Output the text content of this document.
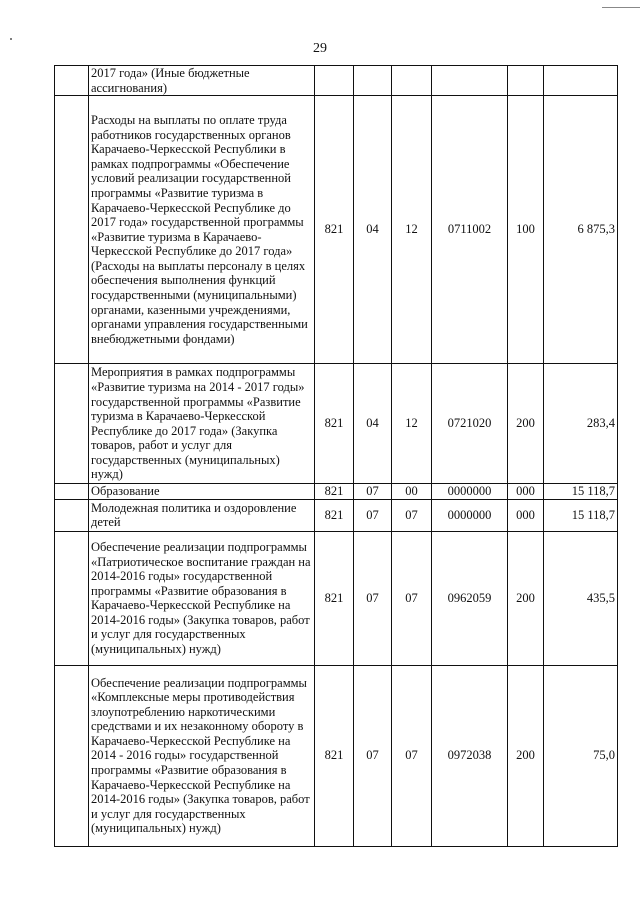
29
	2017 года» (Иные бюджетные ассигнования)						
	Расходы на выплаты по оплате труда работников государственных органов Карачаево-Черкесской Республики в рамках подпрограммы «Обеспечение условий реализации государственной программы «Развитие туризма в Карачаево-Черкесской Республике до 2017 года» государственной программы «Развитие туризма в Карачаево-Черкесской Республике до 2017 года» (Расходы на выплаты персоналу в целях обеспечения выполнения функций государственными (муниципальными) органами, казенными учреждениями, органами управления государственными внебюджетными фондами)	821	04	12	0711002	100	6 875,3
	Мероприятия в рамках подпрограммы «Развитие туризма на 2014 - 2017 годы» государственной программы «Развитие туризма в Карачаево-Черкесской Республике до 2017 года» (Закупка товаров, работ и услуг для государственных (муниципальных) нужд)	821	04	12	0721020	200	283,4
	Образование	821	07	00	0000000	000	15 118,7
	Молодежная политика и оздоровление детей	821	07	07	0000000	000	15 118,7
	Обеспечение реализации подпрограммы «Патриотическое воспитание граждан на 2014-2016 годы» государственной программы «Развитие образования в Карачаево-Черкесской Республике на 2014-2016 годы» (Закупка товаров, работ и услуг для государственных (муниципальных) нужд)	821	07	07	0962059	200	435,5
	Обеспечение реализации подпрограммы «Комплексные меры противодействия злоупотреблению наркотическими средствами и их незаконному обороту в Карачаево-Черкесской Республике на 2014 - 2016 годы» государственной программы «Развитие образования в Карачаево-Черкесской Республике на 2014-2016 годы» (Закупка товаров, работ и услуг для государственных (муниципальных) нужд)	821	07	07	0972038	200	75,0
